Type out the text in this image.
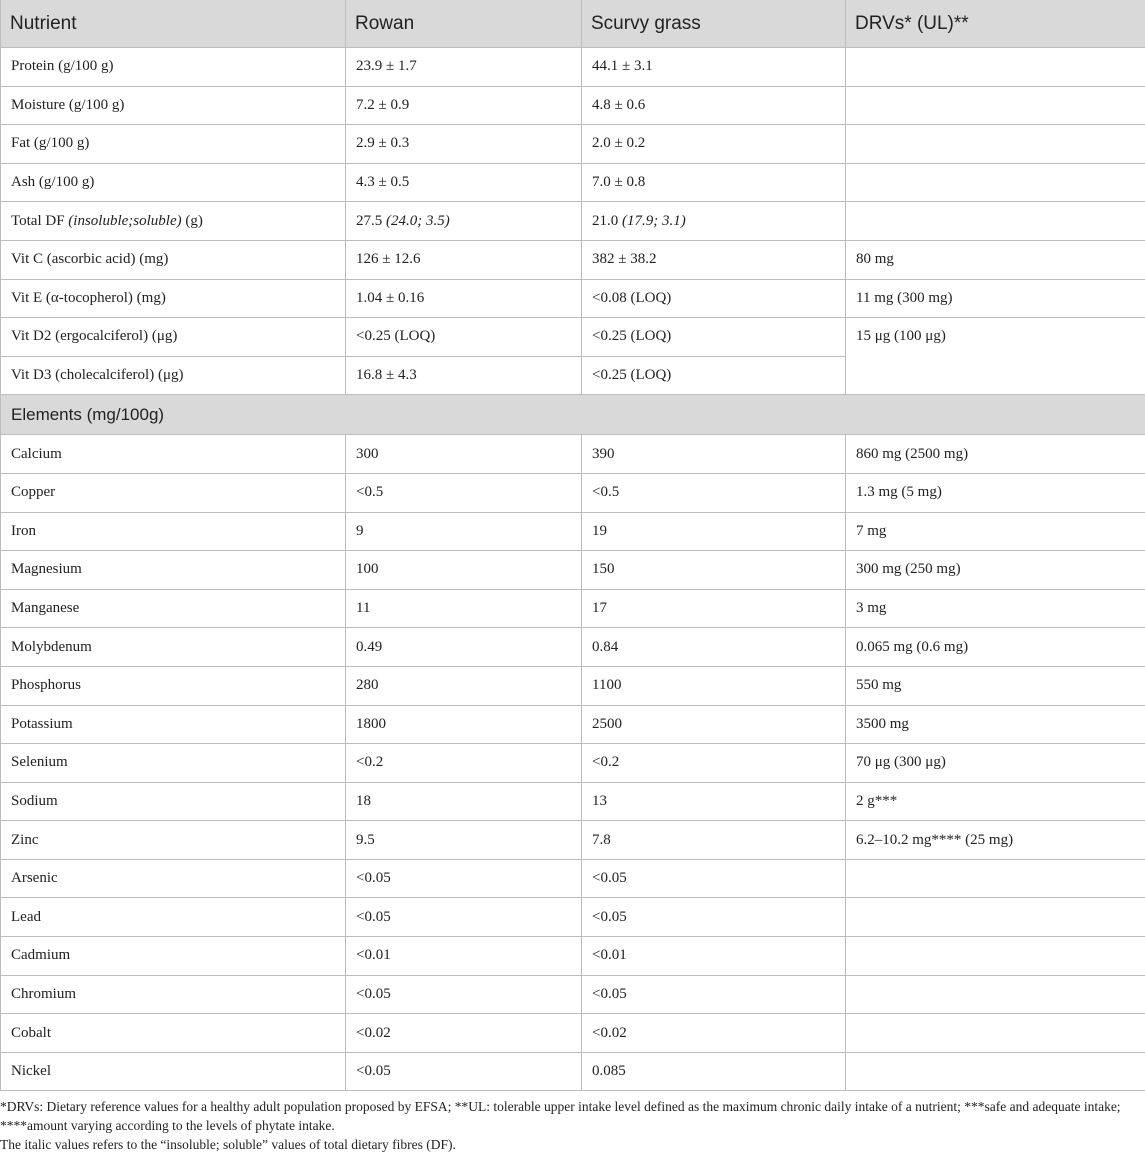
Nutrient	Rowan	Scurvy grass	DRVs* (UL)**
Protein (g/100 g)	23.9 ± 1.7	44.1 ± 3.1	
Moisture (g/100 g)	7.2 ± 0.9	4.8 ± 0.6	
Fat (g/100 g)	2.9 ± 0.3	2.0 ± 0.2	
Ash (g/100 g)	4.3 ± 0.5	7.0 ± 0.8	
Total DF (insoluble;soluble) (g)	27.5 (24.0; 3.5)	21.0 (17.9; 3.1)	
Vit C (ascorbic acid) (mg)	126 ± 12.6	382 ± 38.2	80 mg
Vit E (α-tocopherol) (mg)	1.04 ± 0.16	<0.08 (LOQ)	11 mg (300 mg)
Vit D2 (ergocalciferol) (μg)	<0.25 (LOQ)	<0.25 (LOQ)	15 μg (100 μg)
Vit D3 (cholecalciferol) (μg)	16.8 ± 4.3	<0.25 (LOQ)	
Elements (mg/100g)			
Calcium	300	390	860 mg (2500 mg)
Copper	<0.5	<0.5	1.3 mg (5 mg)
Iron	9	19	7 mg
Magnesium	100	150	300 mg (250 mg)
Manganese	11	17	3 mg
Molybdenum	0.49	0.84	0.065 mg (0.6 mg)
Phosphorus	280	1100	550 mg
Potassium	1800	2500	3500 mg
Selenium	<0.2	<0.2	70 μg (300 μg)
Sodium	18	13	2 g***
Zinc	9.5	7.8	6.2–10.2 mg**** (25 mg)
Arsenic	<0.05	<0.05	
Lead	<0.05	<0.05	
Cadmium	<0.01	<0.01	
Chromium	<0.05	<0.05	
Cobalt	<0.02	<0.02	
Nickel	<0.05	0.085	

*DRVs: Dietary reference values for a healthy adult population proposed by EFSA; **UL: tolerable upper intake level defined as the maximum chronic daily intake of a nutrient; ***safe and adequate intake; ****amount varying according to the levels of phytate intake.

The italic values refers to the “insoluble; soluble” values of total dietary fibres (DF).
